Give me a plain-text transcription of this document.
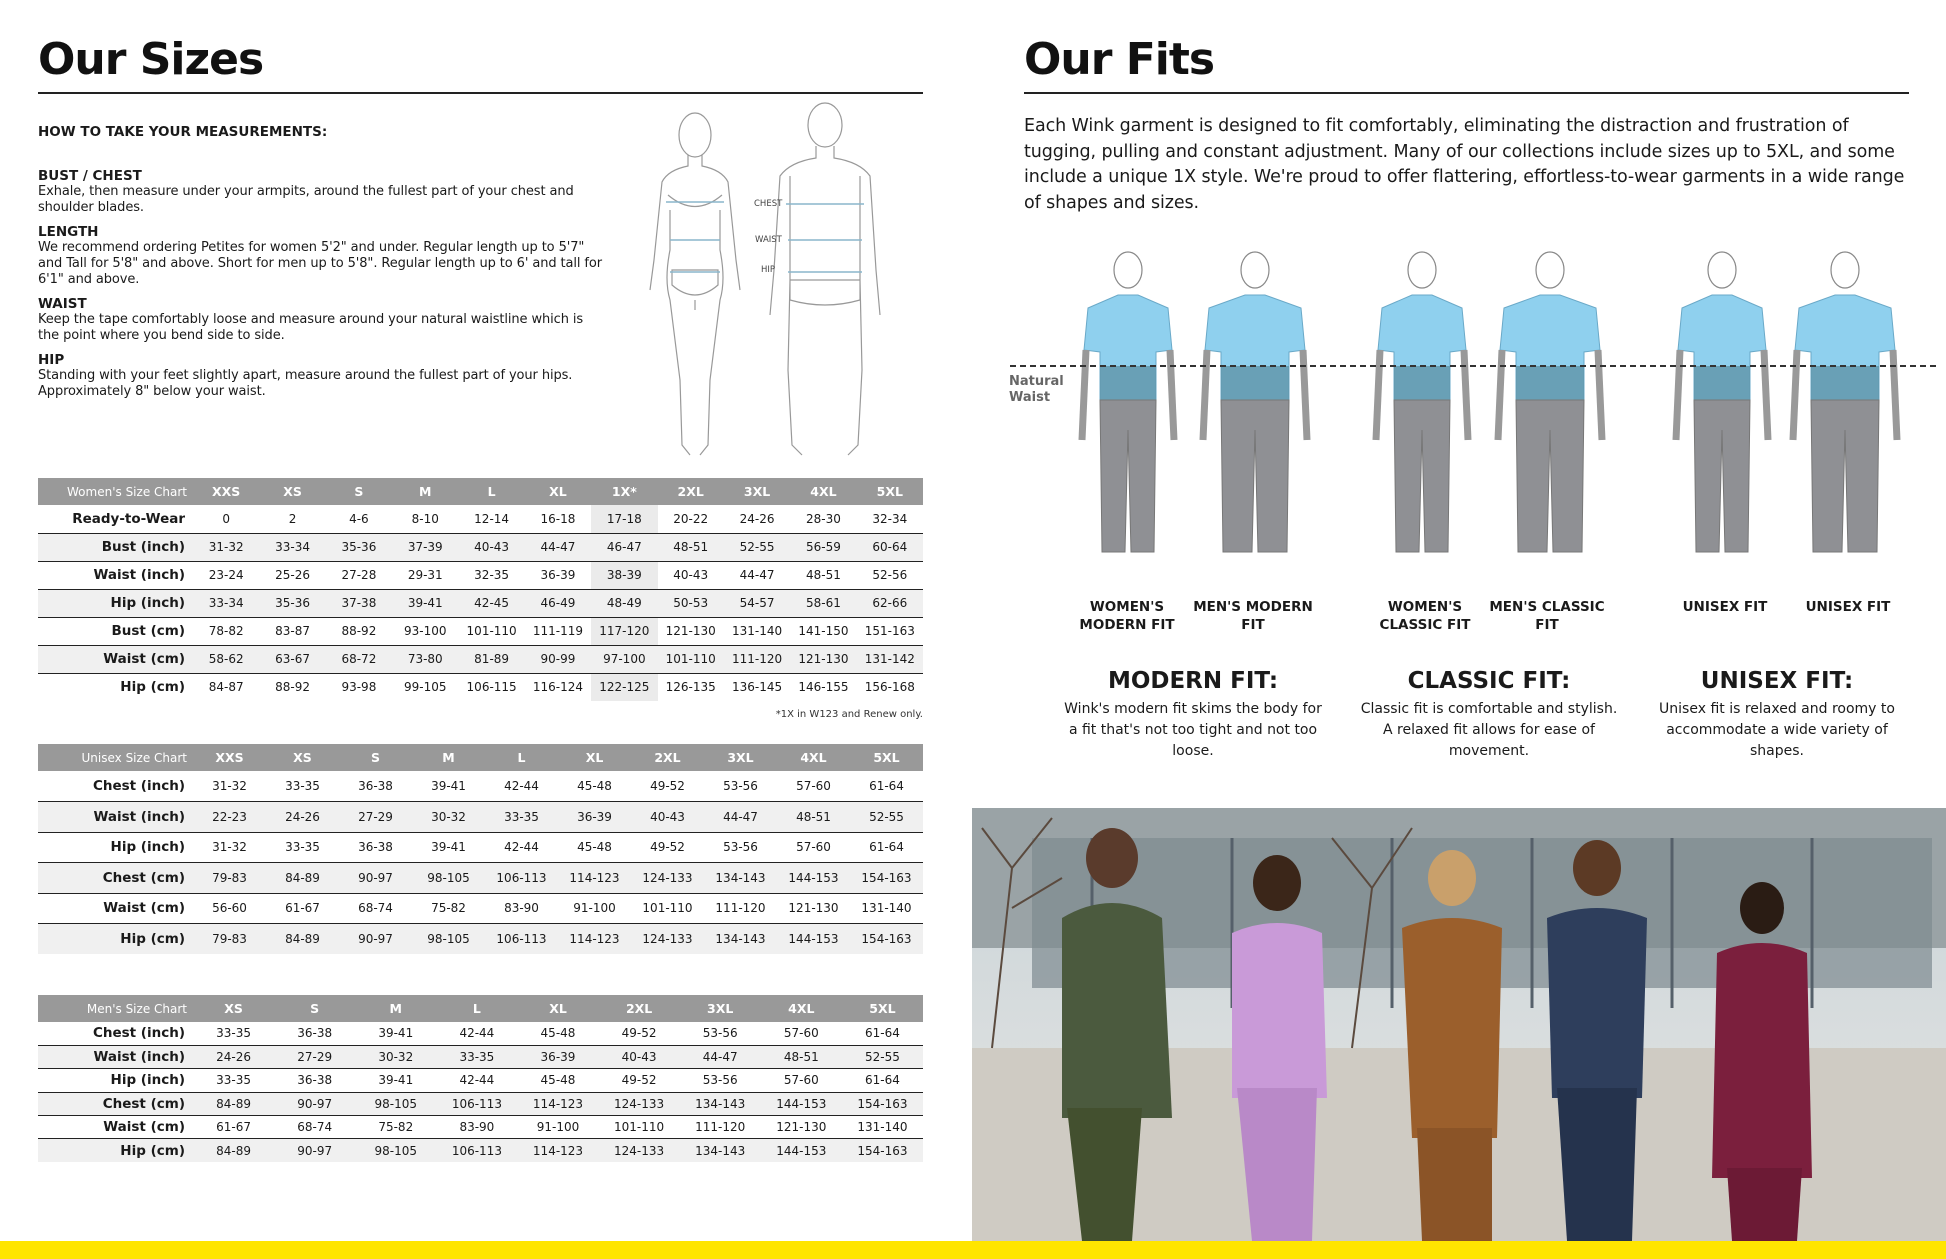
Our Sizes
HOW TO TAKE YOUR MEASUREMENTS:
BUST / CHEST
Exhale, then measure under your armpits, around the fullest part of your chest and shoulder blades.
LENGTH
We recommend ordering Petites for women 5'2" and under. Regular length up to 5'7" and Tall for 5'8" and above. Short for men up to 5'8". Regular length up to 6' and tall for 6'1" and above.
WAIST
Keep the tape comfortably loose and measure around your natural waistline which is the point where you bend side to side.
HIP
Standing with your feet slightly apart, measure around the fullest part of your hips. Approximately 8" below your waist.
CHEST
WAIST
HIP
Women's Size Chart	XXS	XS	S	M	L	XL	1X*	2XL	3XL	4XL	5XL
Ready-to-Wear	0	2	4-6	8-10	12-14	16-18	17-18	20-22	24-26	28-30	32-34
Bust (inch)	31-32	33-34	35-36	37-39	40-43	44-47	46-47	48-51	52-55	56-59	60-64
Waist (inch)	23-24	25-26	27-28	29-31	32-35	36-39	38-39	40-43	44-47	48-51	52-56
Hip (inch)	33-34	35-36	37-38	39-41	42-45	46-49	48-49	50-53	54-57	58-61	62-66
Bust (cm)	78-82	83-87	88-92	93-100	101-110	111-119	117-120	121-130	131-140	141-150	151-163
Waist (cm)	58-62	63-67	68-72	73-80	81-89	90-99	97-100	101-110	111-120	121-130	131-142
Hip (cm)	84-87	88-92	93-98	99-105	106-115	116-124	122-125	126-135	136-145	146-155	156-168
*1X in W123 and Renew only.
Unisex Size Chart	XXS	XS	S	M	L	XL	2XL	3XL	4XL	5XL
Chest (inch)	31-32	33-35	36-38	39-41	42-44	45-48	49-52	53-56	57-60	61-64
Waist (inch)	22-23	24-26	27-29	30-32	33-35	36-39	40-43	44-47	48-51	52-55
Hip (inch)	31-32	33-35	36-38	39-41	42-44	45-48	49-52	53-56	57-60	61-64
Chest (cm)	79-83	84-89	90-97	98-105	106-113	114-123	124-133	134-143	144-153	154-163
Waist (cm)	56-60	61-67	68-74	75-82	83-90	91-100	101-110	111-120	121-130	131-140
Hip (cm)	79-83	84-89	90-97	98-105	106-113	114-123	124-133	134-143	144-153	154-163
Men's Size Chart	XS	S	M	L	XL	2XL	3XL	4XL	5XL
Chest (inch)	33-35	36-38	39-41	42-44	45-48	49-52	53-56	57-60	61-64
Waist (inch)	24-26	27-29	30-32	33-35	36-39	40-43	44-47	48-51	52-55
Hip (inch)	33-35	36-38	39-41	42-44	45-48	49-52	53-56	57-60	61-64
Chest (cm)	84-89	90-97	98-105	106-113	114-123	124-133	134-143	144-153	154-163
Waist (cm)	61-67	68-74	75-82	83-90	91-100	101-110	111-120	121-130	131-140
Hip (cm)	84-89	90-97	98-105	106-113	114-123	124-133	134-143	144-153	154-163
Our Fits
Each Wink garment is designed to fit comfortably, eliminating the distraction and frustration of tugging, pulling and constant adjustment. Many of our collections include sizes up to 5XL, and some include a unique 1X style. We're proud to offer flattering, effortless-to-wear garments in a wide range of shapes and sizes.
Natural Waist
WOMEN'S MODERN FIT
MEN'S MODERN FIT
WOMEN'S CLASSIC FIT
MEN'S CLASSIC FIT
UNISEX FIT	UNISEX FIT
MODERN FIT:
Wink's modern fit skims the body for a fit that's not too tight and not too loose.
CLASSIC FIT:
Classic fit is comfortable and stylish. A relaxed fit allows for ease of movement.
UNISEX FIT:
Unisex fit is relaxed and roomy to accommodate a wide variety of shapes.
